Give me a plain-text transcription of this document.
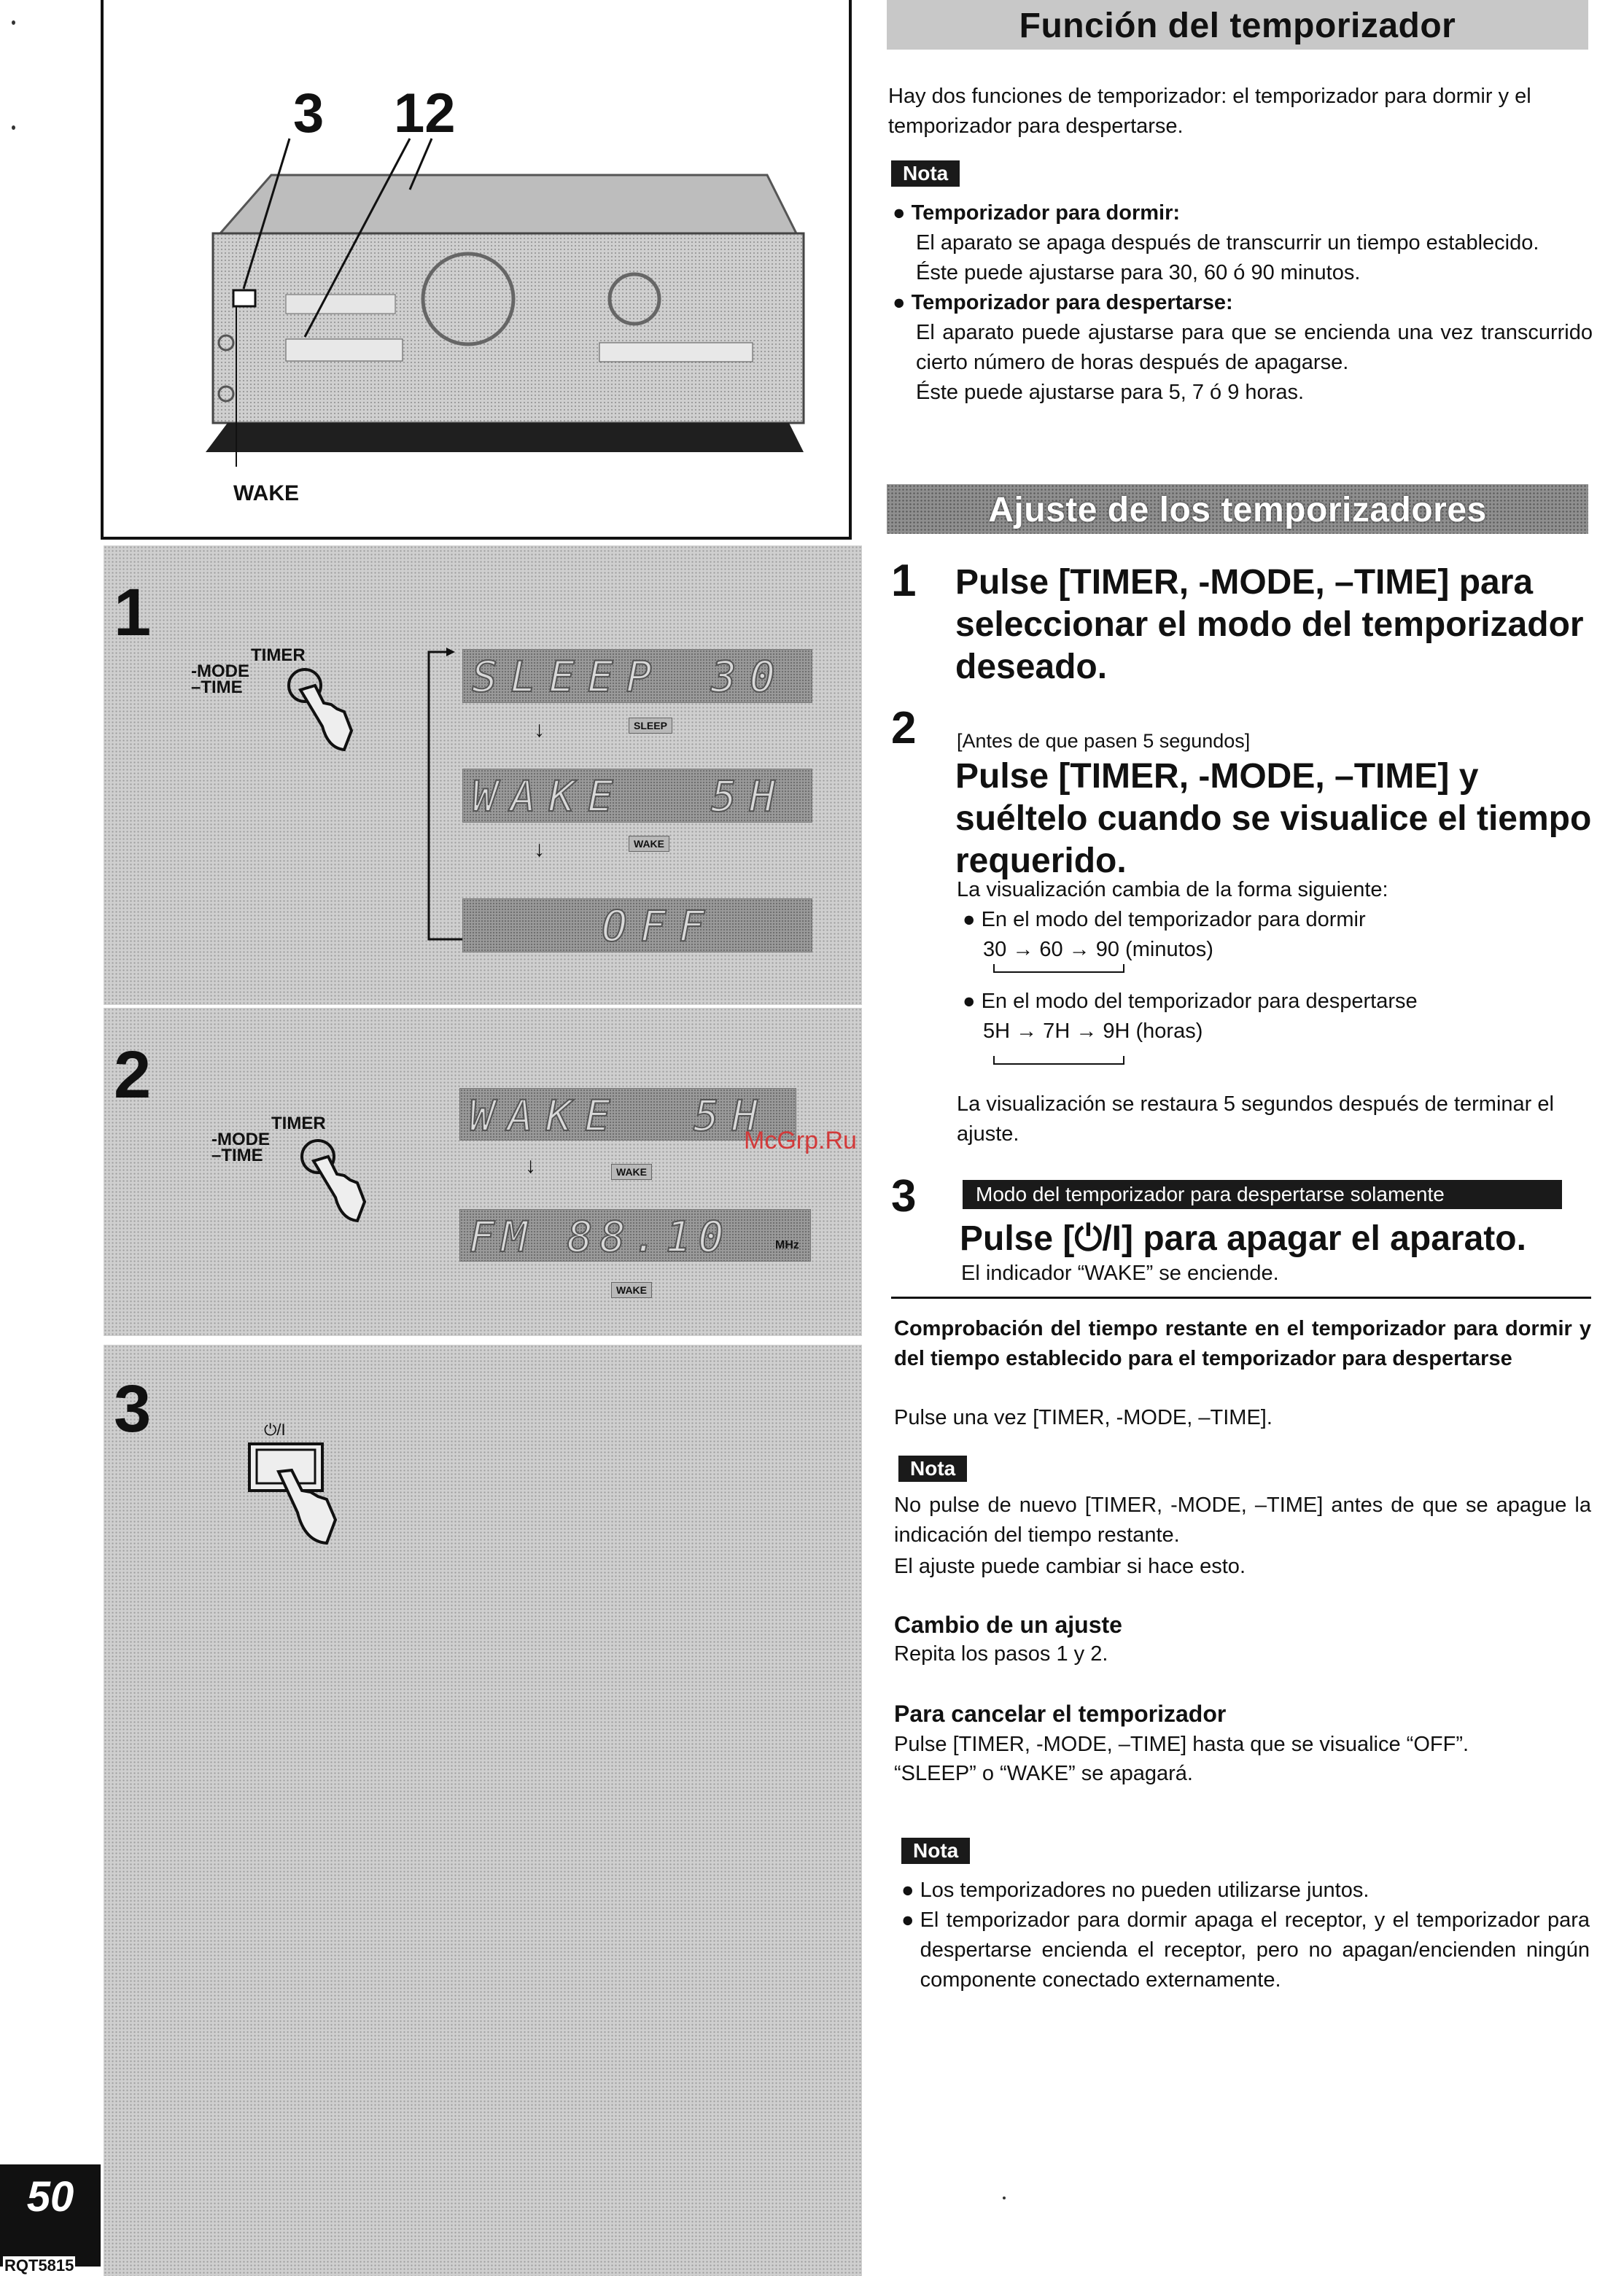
3 12
WAKE
1
TIMER
-MODE
–TIME	SLEEP 30
SLEEP
↓
WAKE 5H
WAKE
↓
OFF
2
TIMER
-MODE
–TIME
WAKE 5H
WAKE
↓
FM 88.10	MHz
WAKE
3	⏻/I
50
RQT5815
Función del temporizador
Hay dos funciones de temporizador: el temporizador para dormir y el temporizador para despertarse.
Nota
● Temporizador para dormir:
El aparato se apaga después de transcurrir un tiempo establecido.
Éste puede ajustarse para 30, 60 ó 90 minutos.
● Temporizador para despertarse:
El aparato puede ajustarse para que se encienda una vez transcurrido cierto número de horas después de apagarse.
Éste puede ajustarse para 5, 7 ó 9 horas.
Ajuste de los temporizadores
1 Pulse [TIMER, -MODE, –TIME] para seleccionar el modo del temporizador deseado.
2 [Antes de que pasen 5 segundos]
Pulse [TIMER, -MODE, –TIME] y suéltelo cuando se visualice el tiempo requerido.
La visualización cambia de la forma siguiente:
● En el modo del temporizador para dormir
30 → 60 → 90 (minutos)
● En el modo del temporizador para despertarse
5H → 7H → 9H (horas)
La visualización se restaura 5 segundos después de terminar el ajuste.
McGrp.Ru
3	Modo del temporizador para despertarse solamente
Pulse [⏻/I] para apagar el aparato.
El indicador “WAKE” se enciende.
Comprobación del tiempo restante en el temporizador para dormir y del tiempo establecido para el temporizador para despertarse
Pulse una vez [TIMER, -MODE, –TIME].
Nota
No pulse de nuevo [TIMER, -MODE, –TIME] antes de que se apague la indicación del tiempo restante.
El ajuste puede cambiar si hace esto.
Cambio de un ajuste
Repita los pasos 1 y 2.
Para cancelar el temporizador
Pulse [TIMER, -MODE, –TIME] hasta que se visualice “OFF”.
“SLEEP” o “WAKE” se apagará.
Nota
● Los temporizadores no pueden utilizarse juntos.
● El temporizador para dormir apaga el receptor, y el temporizador para despertarse encienda el receptor, pero no apagan/encienden ningún componente conectado externamente.
